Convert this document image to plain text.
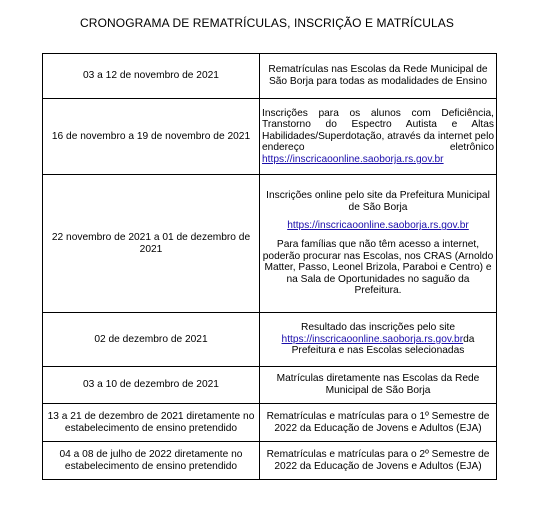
CRONOGRAMA DE REMATRÍCULAS, INSCRIÇÃO E MATRÍCULAS
03 a 12 de novembro de 2021	Rematrículas nas Escolas da Rede Municipal de São Borja para todas as modalidades de Ensino
16 de novembro a 19 de novembro de 2021	Inscrições para os alunos com Deficiência, Transtorno do Espectro Autista e Altas Habilidades/Superdotação, através da internet pelo endereço eletrônico https://inscricaoonline.saoborja.rs.gov.br
22 novembro de 2021 a 01 de dezembro de 2021	Inscrições online pelo site da Prefeitura Municipal de São Borja
https://inscricaoonline.saoborja.rs.gov.br
Para famílias que não têm acesso a internet, poderão procurar nas Escolas, nos CRAS (Arnoldo Matter, Passo, Leonel Brizola, Paraboi e Centro) e na Sala de Oportunidades no saguão da Prefeitura.
02 de dezembro de 2021	Resultado das inscrições pelo site
https://inscricaoonline.saoborja.rs.gov.brda Prefeitura e nas Escolas selecionadas
03 a 10 de dezembro de 2021	Matrículas diretamente nas Escolas da Rede Municipal de São Borja
13 a 21 de dezembro de 2021 diretamente no estabelecimento de ensino pretendido	Rematrículas e matrículas para o 1º Semestre de 2022 da Educação de Jovens e Adultos (EJA)
04 a 08 de julho de 2022 diretamente no estabelecimento de ensino pretendido	Rematrículas e matrículas para o 2º Semestre de 2022 da Educação de Jovens e Adultos (EJA)
